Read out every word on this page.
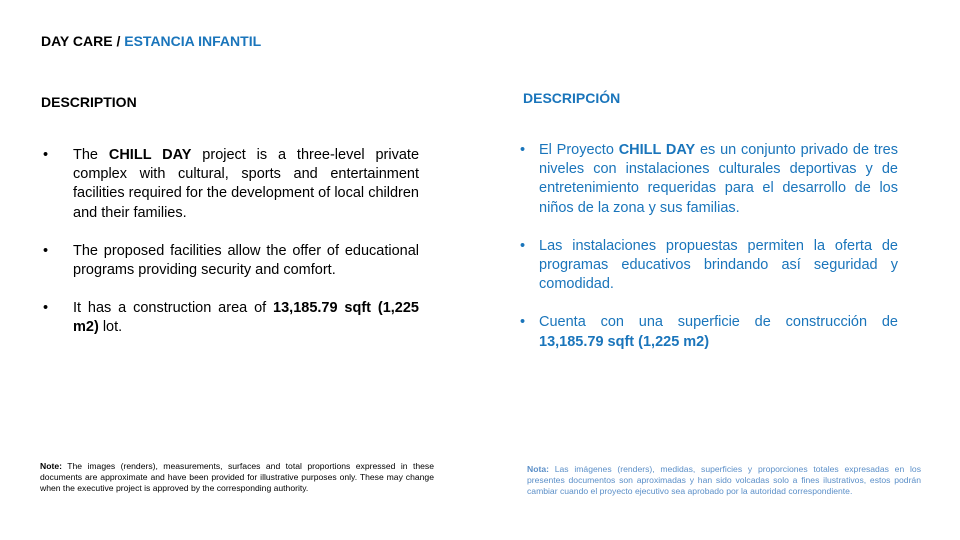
DAY CARE / ESTANCIA INFANTIL
DESCRIPTION	DESCRIPCIÓN
• The CHILL DAY project is a three-level private complex with cultural, sports and entertainment facilities required for the development of local children and their families.
• The proposed facilities allow the offer of educational programs providing security and comfort.
• It has a construction area of 13,185.79 sqft (1,225 m2) lot.
• El Proyecto CHILL DAY es un conjunto privado de tres niveles con instalaciones culturales deportivas y de entretenimiento requeridas para el desarrollo de los niños de la zona y sus familias.
• Las instalaciones propuestas permiten la oferta de programas educativos brindando así seguridad y comodidad.
• Cuenta con una superficie de construcción de 13,185.79 sqft (1,225 m2)
Note: The images (renders), measurements, surfaces and total proportions expressed in these documents are approximate and have been provided for illustrative purposes only. These may change when the executive project is approved by the corresponding authority.
Nota: Las imágenes (renders), medidas, superficies y proporciones totales expresadas en los presentes documentos son aproximadas y han sido volcadas solo a fines ilustrativos, estos podrán cambiar cuando el proyecto ejecutivo sea aprobado por la autoridad correspondiente.
